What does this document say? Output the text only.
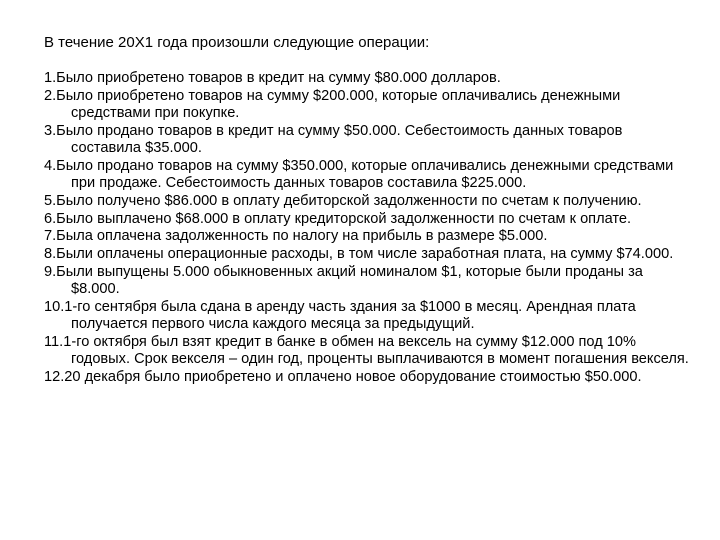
В течение 20Х1 года произошли следующие операции:
1.Было приобретено товаров в кредит на сумму $80.000 долларов.
2.Было приобретено товаров на сумму $200.000, которые оплачивались денежными средствами при покупке.
3.Было продано товаров в кредит на сумму $50.000. Себестоимость данных товаров составила $35.000.
4.Было продано товаров на сумму $350.000, которые оплачивались денежными средствами при продаже. Себестоимость данных товаров составила $225.000.
5.Было получено $86.000 в оплату дебиторской задолженности по счетам к получению.
6.Было выплачено $68.000 в оплату кредиторской задолженности по счетам к оплате.
7.Была оплачена задолженность по налогу на прибыль в размере $5.000.
8.Были оплачены операционные расходы, в том числе заработная плата, на сумму $74.000.
9.Были выпущены 5.000 обыкновенных акций номиналом $1, которые были проданы за $8.000.
10.1-го сентября была сдана в аренду часть здания за $1000 в месяц. Арендная плата получается первого числа каждого месяца за предыдущий.
11.1-го октября был взят кредит в банке в обмен на вексель на сумму $12.000 под 10% годовых. Срок векселя – один год, проценты выплачиваются в момент погашения векселя.
12.20 декабря было приобретено и оплачено новое оборудование стоимостью $50.000.
